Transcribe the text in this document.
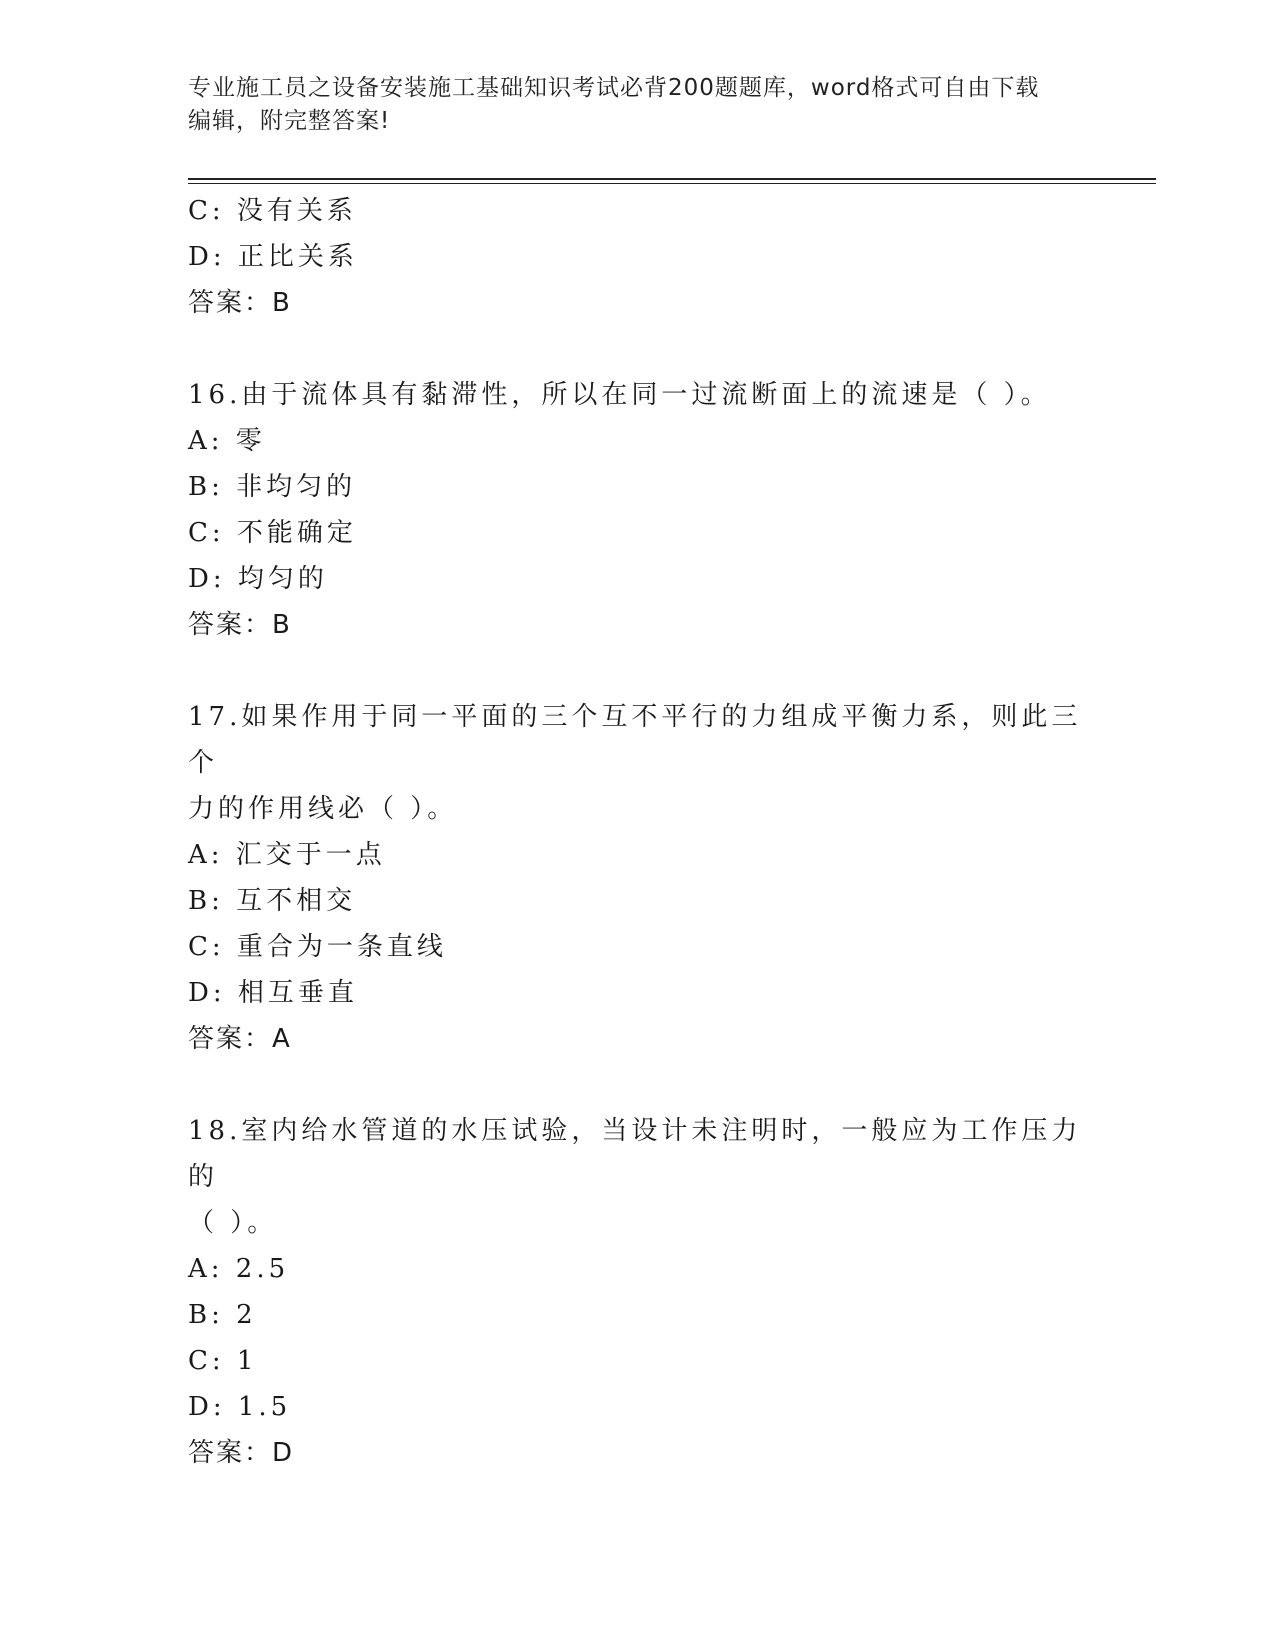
专业施工员之设备安装施工基础知识考试必背200题题库，word格式可自由下载
编辑，附完整答案!
C: 没有关系
D: 正比关系
答案：B
16.由于流体具有黏滞性，所以在同一过流断面上的流速是（ ）。
A: 零
B: 非均匀的
C: 不能确定
D: 均匀的
答案：B
17.如果作用于同一平面的三个互不平行的力组成平衡力系，则此三个
力的作用线必（ ）。
A: 汇交于一点
B: 互不相交
C: 重合为一条直线
D: 相互垂直
答案：A
18.室内给水管道的水压试验，当设计未注明时，一般应为工作压力的
（ ）。
A: 2.5
B: 2
C: 1
D: 1.5
答案：D
